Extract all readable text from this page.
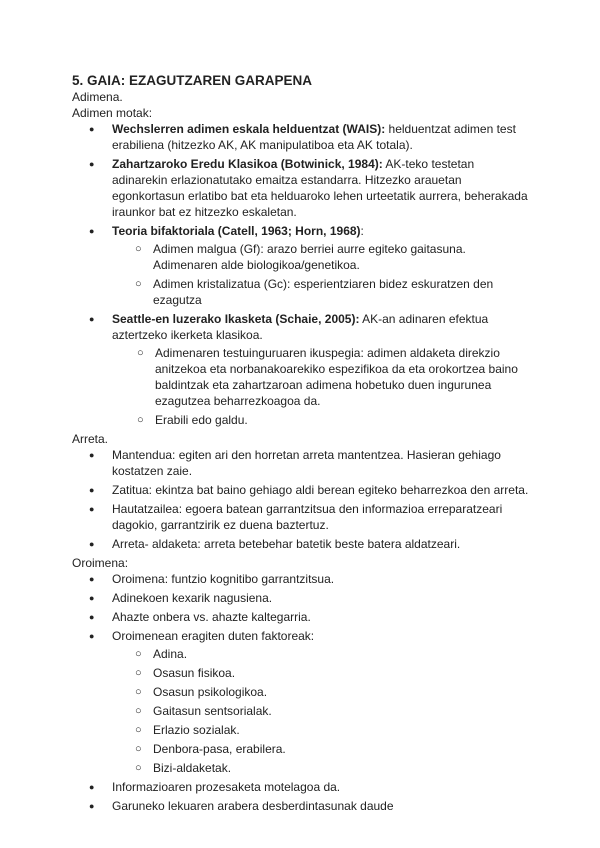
5. GAIA: EZAGUTZAREN GARAPENA
Adimena.
Adimen motak:
● Wechslerren adimen eskala helduentzat (WAIS): helduentzat adimen test erabiliena (hitzezko AK, AK manipulatiboa eta AK totala).
● Zahartzaroko Eredu Klasikoa (Botwinick, 1984): AK-teko testetan adinarekin erlazionatutako emaitza estandarra. Hitzezko arauetan egonkortasun erlatibo bat eta helduaroko lehen urteetatik aurrera, beherakada iraunkor bat ez hitzezko eskaletan.
● Teoria bifaktoriala (Catell, 1963; Horn, 1968):
○ Adimen malgua (Gf): arazo berriei aurre egiteko gaitasuna. Adimenaren alde biologikoa/genetikoa.
○ Adimen kristalizatua (Gc): esperientziaren bidez eskuratzen den ezagutza
● Seattle-en luzerako Ikasketa (Schaie, 2005): AK-an adinaren efektua aztertzeko ikerketa klasikoa.
○ Adimenaren testuinguruaren ikuspegia: adimen aldaketa direkzio anitzekoa eta norbanakoarekiko espezifikoa da eta orokortzea baino baldintzak eta zahartzaroan adimena hobetuko duen ingurunea ezagutzea beharrezkoagoa da.
○ Erabili edo galdu.
Arreta.
● Mantendua: egiten ari den horretan arreta mantentzea. Hasieran gehiago kostatzen zaie.
● Zatitua: ekintza bat baino gehiago aldi berean egiteko beharrezkoa den arreta.
● Hautatzailea: egoera batean garrantzitsua den informazioa erreparatzeari dagokio, garrantzirik ez duena baztertuz.
● Arreta- aldaketa: arreta betebehar batetik beste batera aldatzeari.
Oroimena:
● Oroimena: funtzio kognitibo garrantzitsua.
● Adinekoen kexarik nagusiena.
● Ahazte onbera vs. ahazte kaltegarria.
● Oroimenean eragiten duten faktoreak:
○ Adina.
○ Osasun fisikoa.
○ Osasun psikologikoa.
○ Gaitasun sentsorialak.
○ Erlazio sozialak.
○ Denbora-pasa, erabilera.
○ Bizi-aldaketak.
● Informazioaren prozesaketa motelagoa da.
● Garuneko lekuaren arabera desberdintasunak daude
